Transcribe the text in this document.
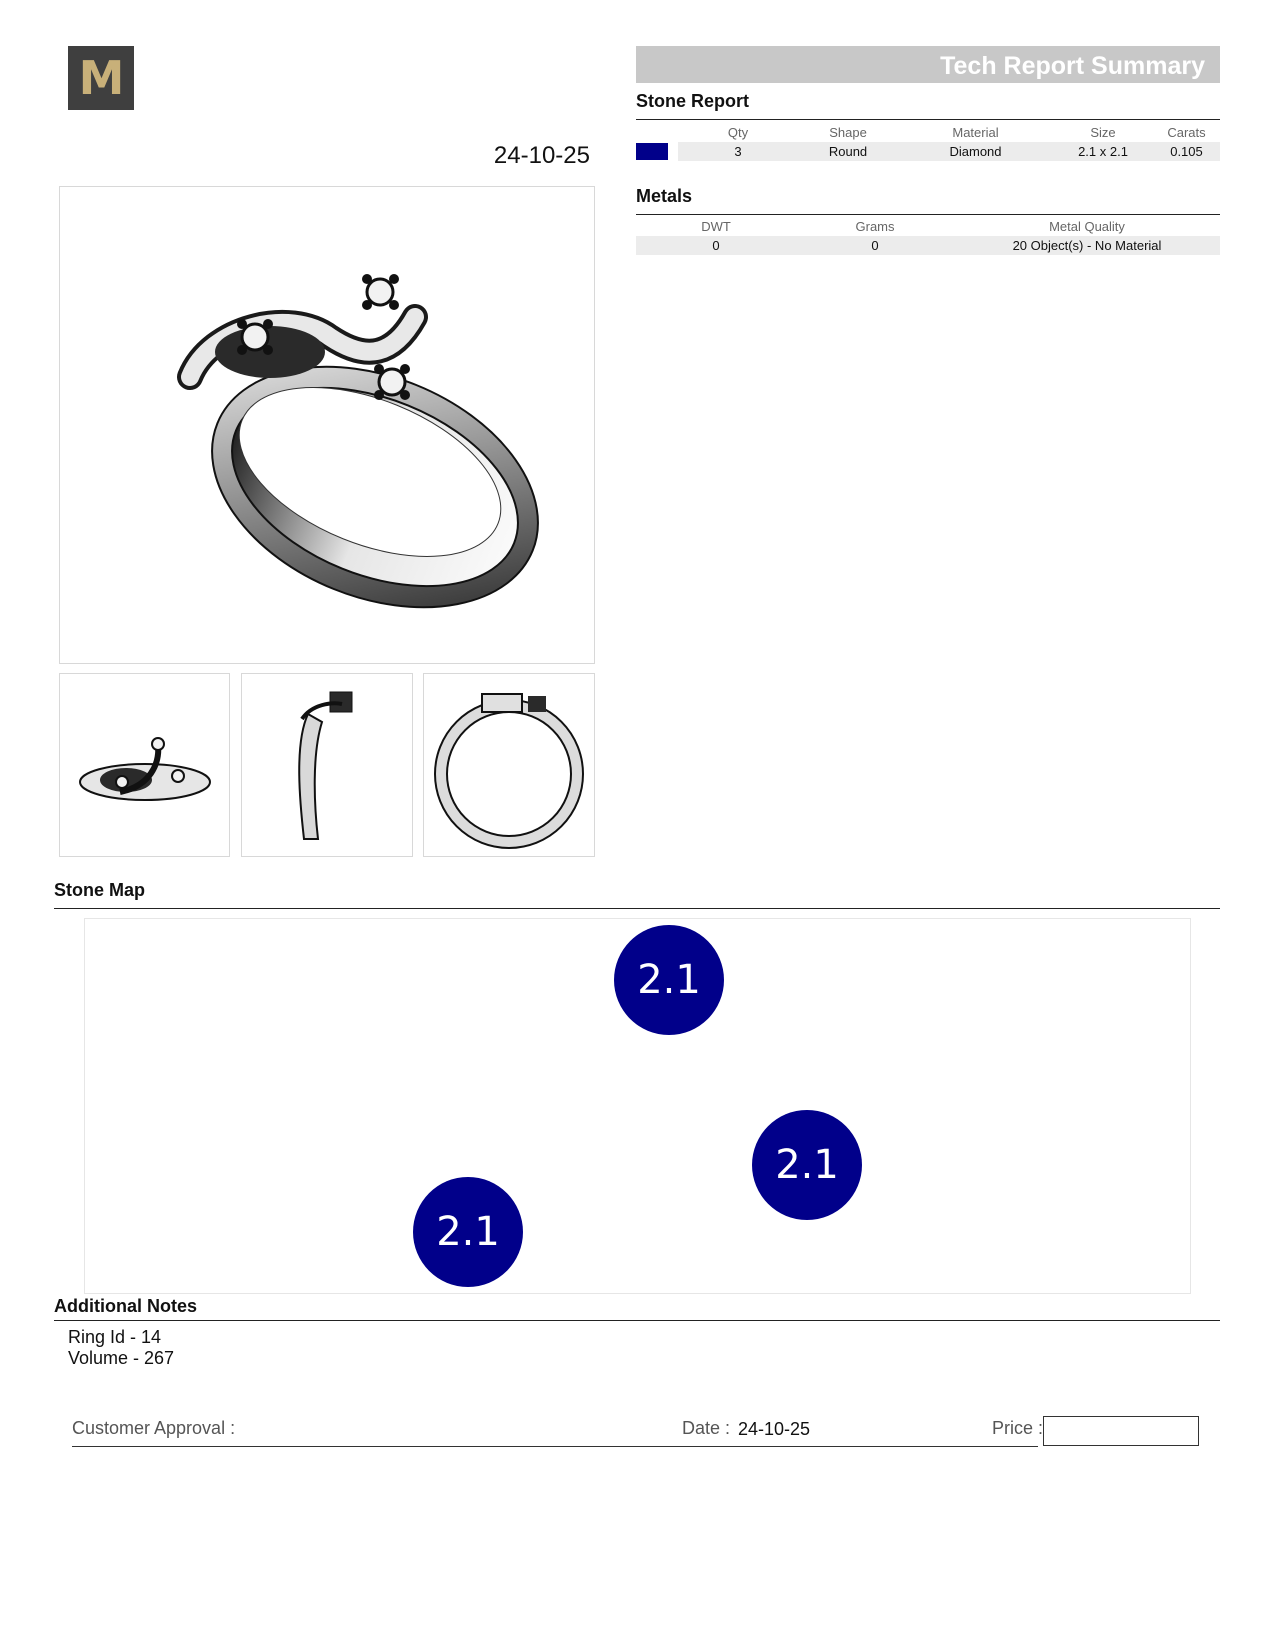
M
24-10-25
Tech Report Summary
Stone Report
	Qty	Shape	Material	Size	Carats

	3	Round	Diamond	2.1 x 2.1	0.105
Metals
DWT	Grams	Metal Quality
0	0	20 Object(s) - No Material
Stone Map
2.1
2.1
2.1
Additional Notes
Ring Id - 14
Volume - 267
Customer Approval :	Date : 24-10-25	Price :
